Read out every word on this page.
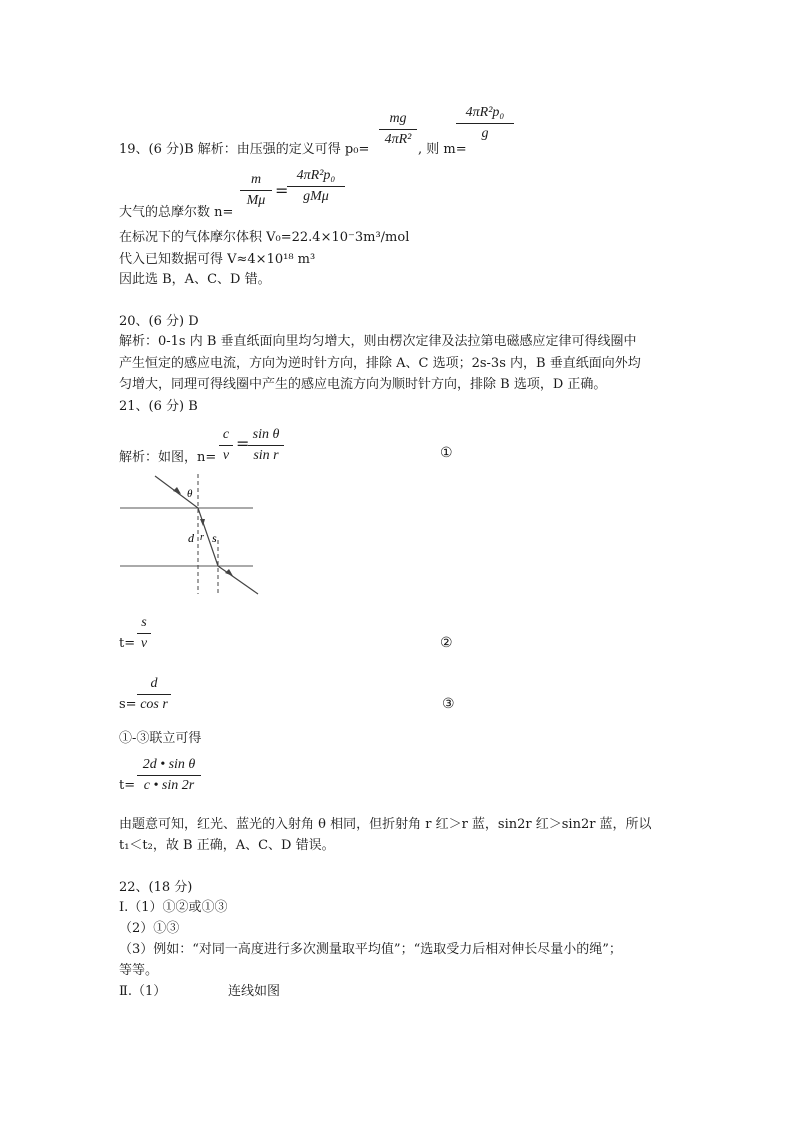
19、(6 分)B 解析：由压强的定义可得 p₀=
mg
4πR²
, 则 m=
4πR²p₀
g
大气的总摩尔数 n=
m
Mμ
=
4πR²p₀
gMμ
在标况下的气体摩尔体积 V₀=22.4×10⁻3m³/mol
代入已知数据可得 V≈4×10¹⁸ m³
因此选 B，A、C、D 错。
20、(6 分) D
解析：0-1s 内 B 垂直纸面向里均匀增大，则由楞次定律及法拉第电磁感应定律可得线圈中
产生恒定的感应电流，方向为逆时针方向，排除 A、C 选项；2s-3s 内，B 垂直纸面向外均
匀增大，同理可得线圈中产生的感应电流方向为顺时针方向，排除 B 选项，D 正确。
21、(6 分) B
解析：如图，n=
c
v
= sin θ
sin r	①
θ
d r s
t=
s
v	②
s=
d
cos r	③
①-③联立可得
t=
2d • sin θ
c • sin 2r
由题意可知，红光、蓝光的入射角 θ 相同，但折射角 r 红＞r 蓝，sin2r 红＞sin2r 蓝，所以
t₁＜t₂，故 B 正确，A、C、D 错误。
22、(18 分)
Ⅰ.（1）①②或①③
（2）①③
（3）例如：“对同一高度进行多次测量取平均值”；“选取受力后相对伸长尽量小的绳”；
等等。
Ⅱ.（1）	连线如图
